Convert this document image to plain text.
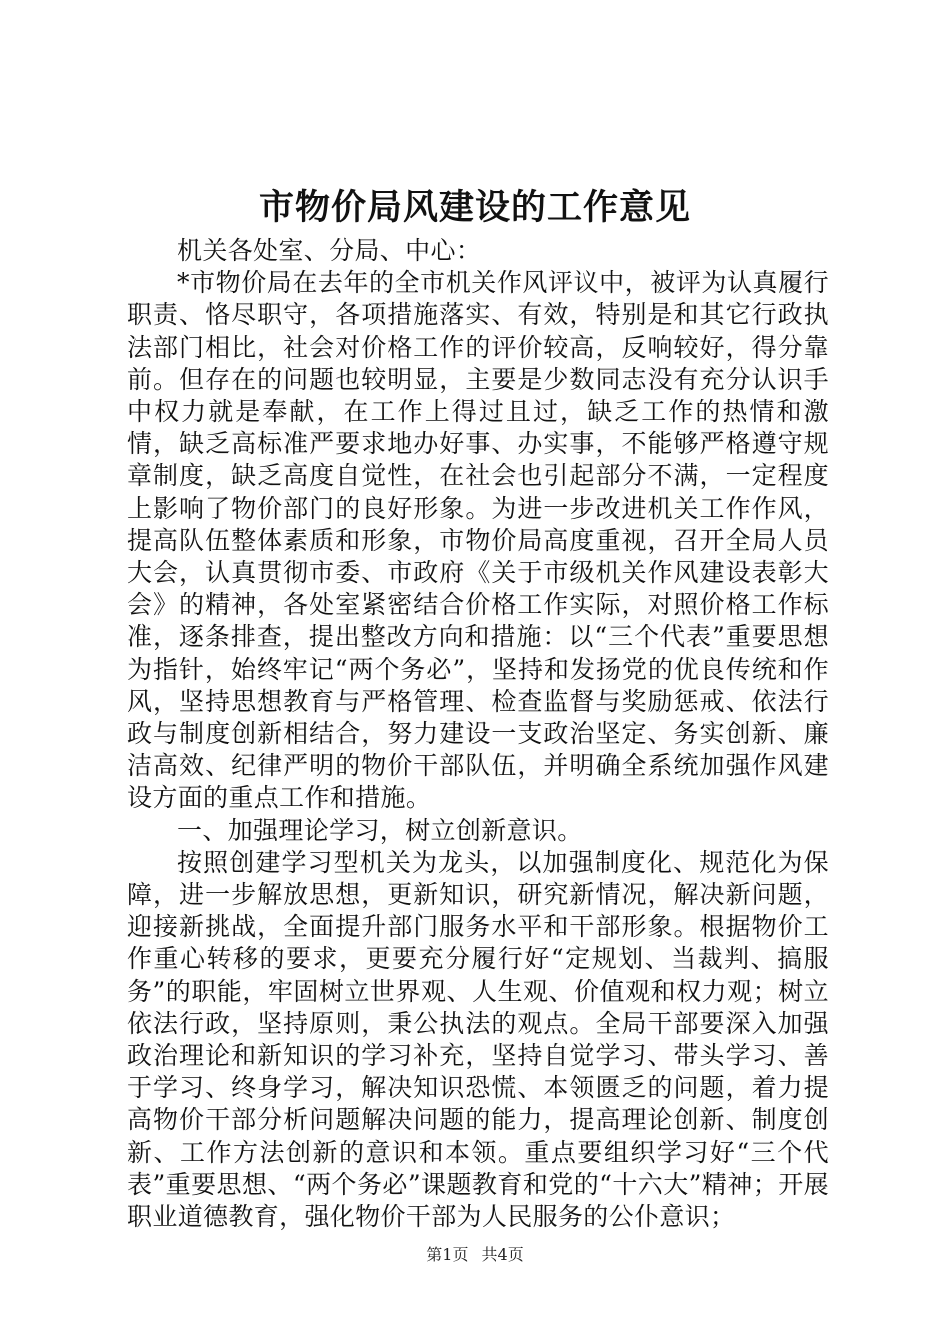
市物价局风建设的工作意见

机关各处室、分局、中心：

*市物价局在去年的全市机关作风评议中，被评为认真履行职责、恪尽职守，各项措施落实、有效，特别是和其它行政执法部门相比，社会对价格工作的评价较高，反响较好，得分靠前。但存在的问题也较明显，主要是少数同志没有充分认识手中权力就是奉献，在工作上得过且过，缺乏工作的热情和激情，缺乏高标准严要求地办好事、办实事，不能够严格遵守规章制度，缺乏高度自觉性，在社会也引起部分不满，一定程度上影响了物价部门的良好形象。为进一步改进机关工作作风，提高队伍整体素质和形象，市物价局高度重视，召开全局人员大会，认真贯彻市委、市政府《关于市级机关作风建设表彰大会》的精神，各处室紧密结合价格工作实际，对照价格工作标准，逐条排查，提出整改方向和措施：以“三个代表”重要思想为指针，始终牢记“两个务必”，坚持和发扬党的优良传统和作风，坚持思想教育与严格管理、检查监督与奖励惩戒、依法行政与制度创新相结合，努力建设一支政治坚定、务实创新、廉洁高效、纪律严明的物价干部队伍，并明确全系统加强作风建设方面的重点工作和措施。

一、加强理论学习，树立创新意识。

按照创建学习型机关为龙头，以加强制度化、规范化为保障，进一步解放思想，更新知识，研究新情况，解决新问题，迎接新挑战，全面提升部门服务水平和干部形象。根据物价工作重心转移的要求，更要充分履行好“定规划、当裁判、搞服务”的职能，牢固树立世界观、人生观、价值观和权力观；树立依法行政，坚持原则，秉公执法的观点。全局干部要深入加强政治理论和新知识的学习补充，坚持自觉学习、带头学习、善于学习、终身学习，解决知识恐慌、本领匮乏的问题，着力提高物价干部分析问题解决问题的能力，提高理论创新、制度创新、工作方法创新的意识和本领。重点要组织学习好“三个代表”重要思想、“两个务必”课题教育和党的“十六大”精神；开展职业道德教育，强化物价干部为人民服务的公仆意识；

第1页 共4页
